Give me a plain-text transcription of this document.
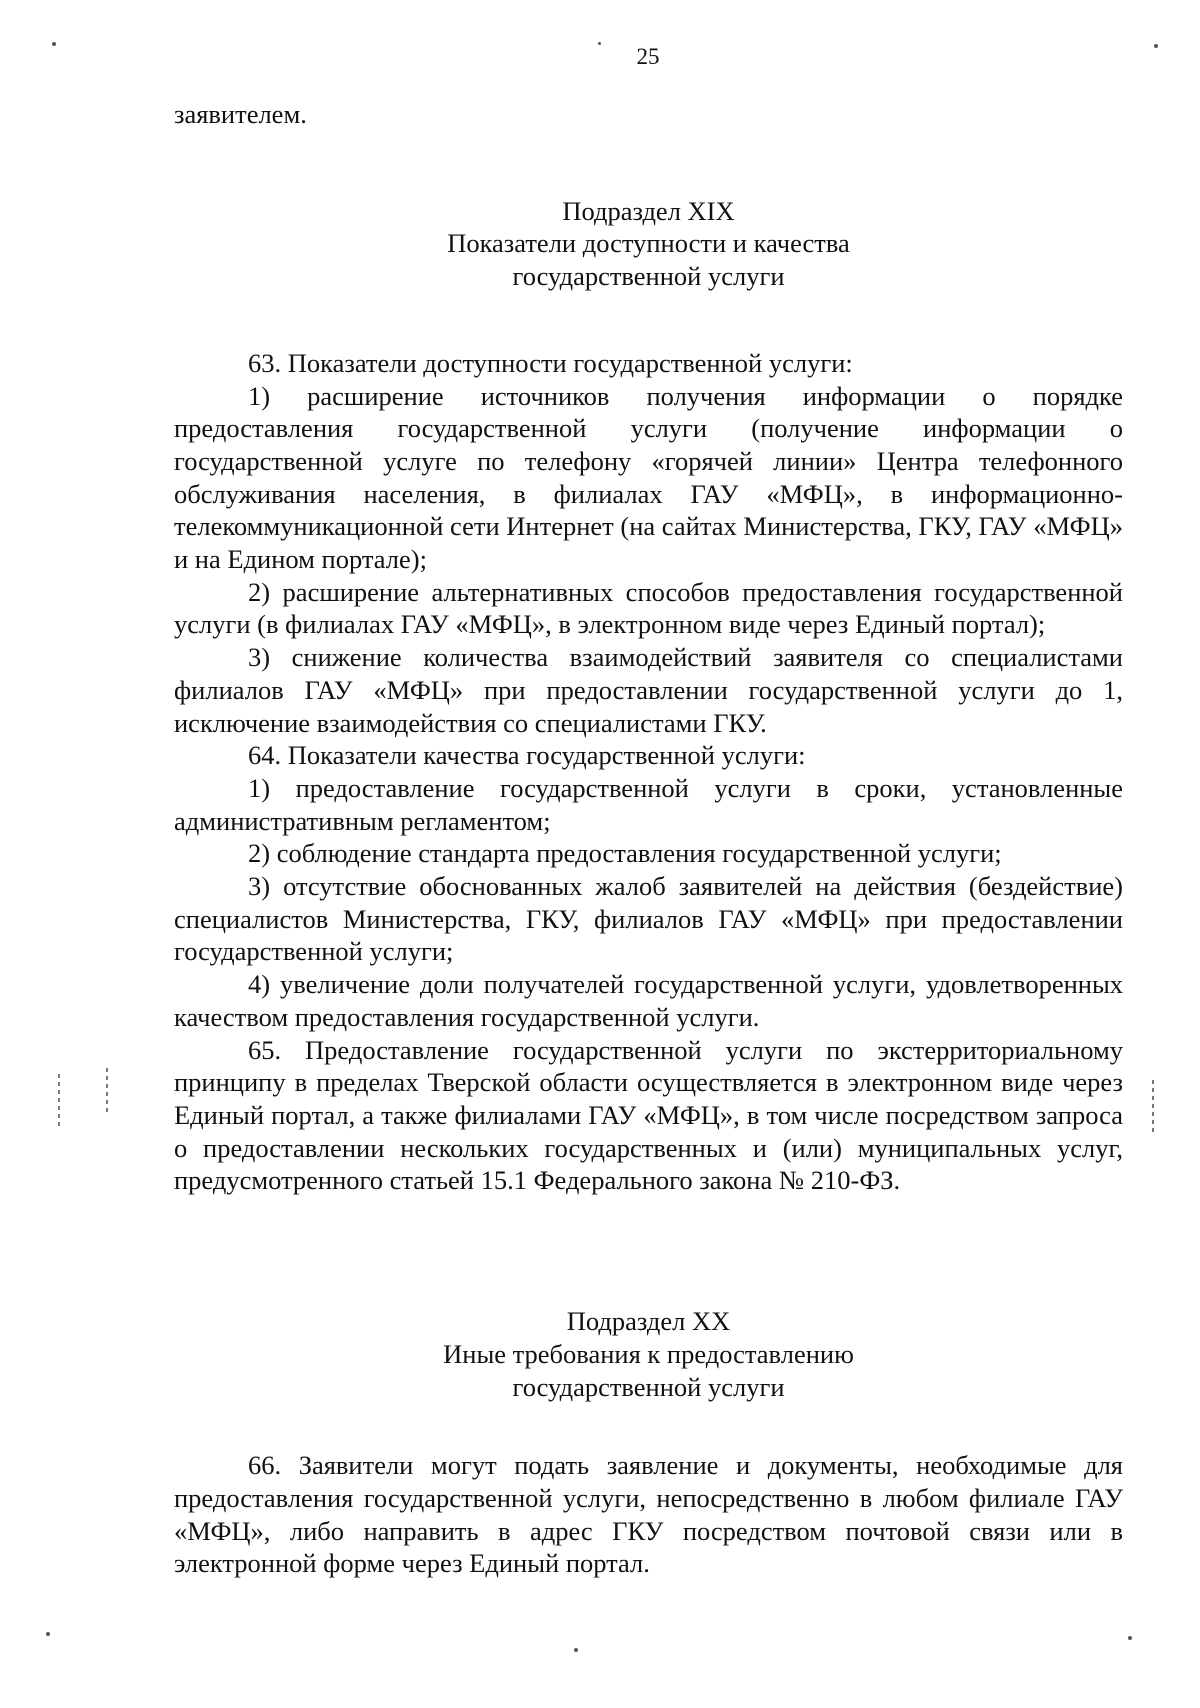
25

заявителем.

Подраздел XIX

Показатели доступности и качества

государственной услуги

63. Показатели доступности государственной услуги:

1) расширение источников получения информации о порядке предоставления государственной услуги (получение информации о государственной услуге по телефону «горячей линии» Центра телефонного обслуживания населения, в филиалах ГАУ «МФЦ», в информационно-телекоммуникационной сети Интернет (на сайтах Министерства, ГКУ, ГАУ «МФЦ» и на Едином портале);

2) расширение альтернативных способов предоставления государственной услуги (в филиалах ГАУ «МФЦ», в электронном виде через Единый портал);

3) снижение количества взаимодействий заявителя со специалистами филиалов ГАУ «МФЦ» при предоставлении государственной услуги до 1, исключение взаимодействия со специалистами ГКУ.

64. Показатели качества государственной услуги:

1) предоставление государственной услуги в сроки, установленные административным регламентом;

2) соблюдение стандарта предоставления государственной услуги;

3) отсутствие обоснованных жалоб заявителей на действия (бездействие) специалистов Министерства, ГКУ, филиалов ГАУ «МФЦ» при предоставлении государственной услуги;

4) увеличение доли получателей государственной услуги, удовлетворенных качеством предоставления государственной услуги.

65. Предоставление государственной услуги по экстерриториальному принципу в пределах Тверской области осуществляется в электронном виде через Единый портал, а также филиалами ГАУ «МФЦ», в том числе посредством запроса о предоставлении нескольких государственных и (или) муниципальных услуг, предусмотренного статьей 15.1 Федерального закона № 210-ФЗ.

Подраздел XX

Иные требования к предоставлению

государственной услуги

66. Заявители могут подать заявление и документы, необходимые для предоставления государственной услуги, непосредственно в любом филиале ГАУ «МФЦ», либо направить в адрес ГКУ посредством почтовой связи или в электронной форме через Единый портал.
